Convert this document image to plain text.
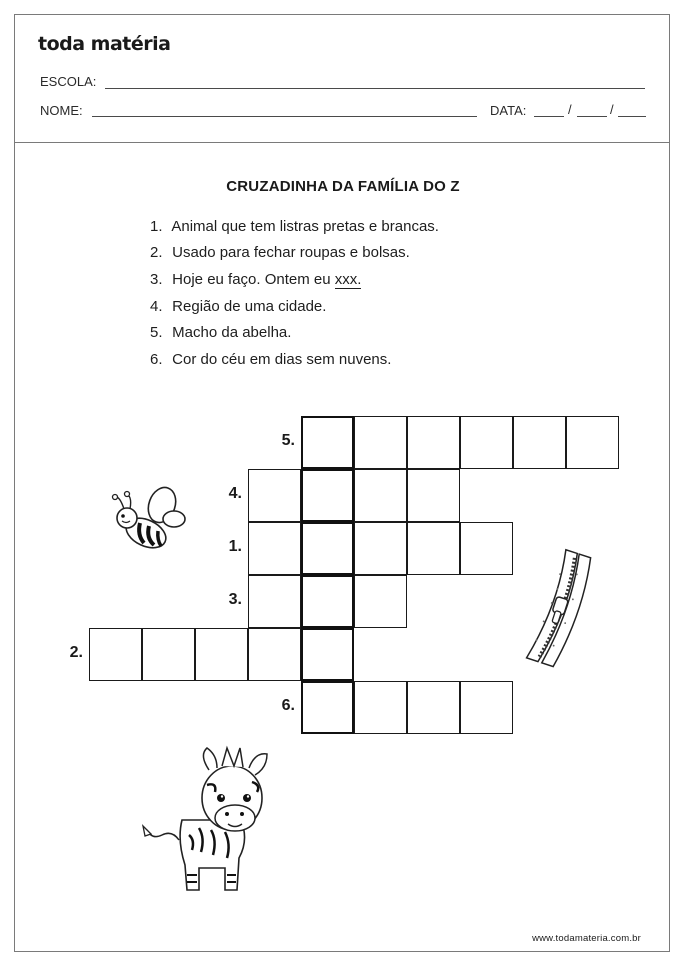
toda matéria
ESCOLA:
NOME:	DATA:	/	/
CRUZADINHA DA FAMÍLIA DO Z
1. Animal que tem listras pretas e brancas.
2. Usado para fechar roupas e bolsas.
3. Hoje eu faço. Ontem eu xxx.
4. Região de uma cidade.
5. Macho da abelha.
6. Cor do céu em dias sem nuvens.
5.
4.
1.
3.
2.
6.
www.todamateria.com.br
